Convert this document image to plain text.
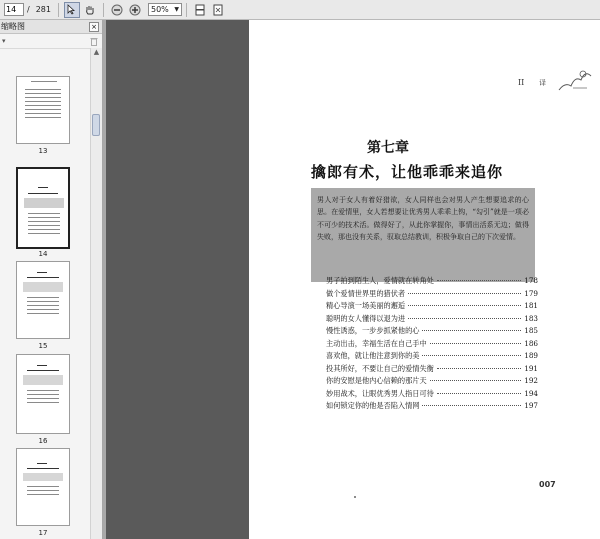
14
/ 281	50% ▼
缩略图	×
▾
13
14
15
16
17
▲
II 译
第七章
擒郎有术，让他乖乖来追你
男人对于女人有着好猎欲，女人同样也会对男人产生想要追求的心思。在爱情里，女人若想要让优秀男人乖乖上钩，“勾引”就是一项必不可少的技术活。做得好了，从此你掌握你，事情出活系无边；做得失败，那也没有关系，驭取总结教训，积极争取自己的下次爱情。
男子拍到陌生人，爱情就在转角处	178
做个爱情世界里的猎伏者	179
精心导演一场美丽的邂逅	181
聪明的女人懂得以退为进	183
慢性诱惑，一步步抓紧他的心	185
主动出击，幸福生活在自己手中	186
喜欢他，就让他注意到你的美	189
投其所好，不要让自己的爱情失衡	191
你的安慰是他内心信赖的那片天	192
妙用战术，让眼优秀男人指日可待	194
如何锁定你的他是否陷入情网	197
007
